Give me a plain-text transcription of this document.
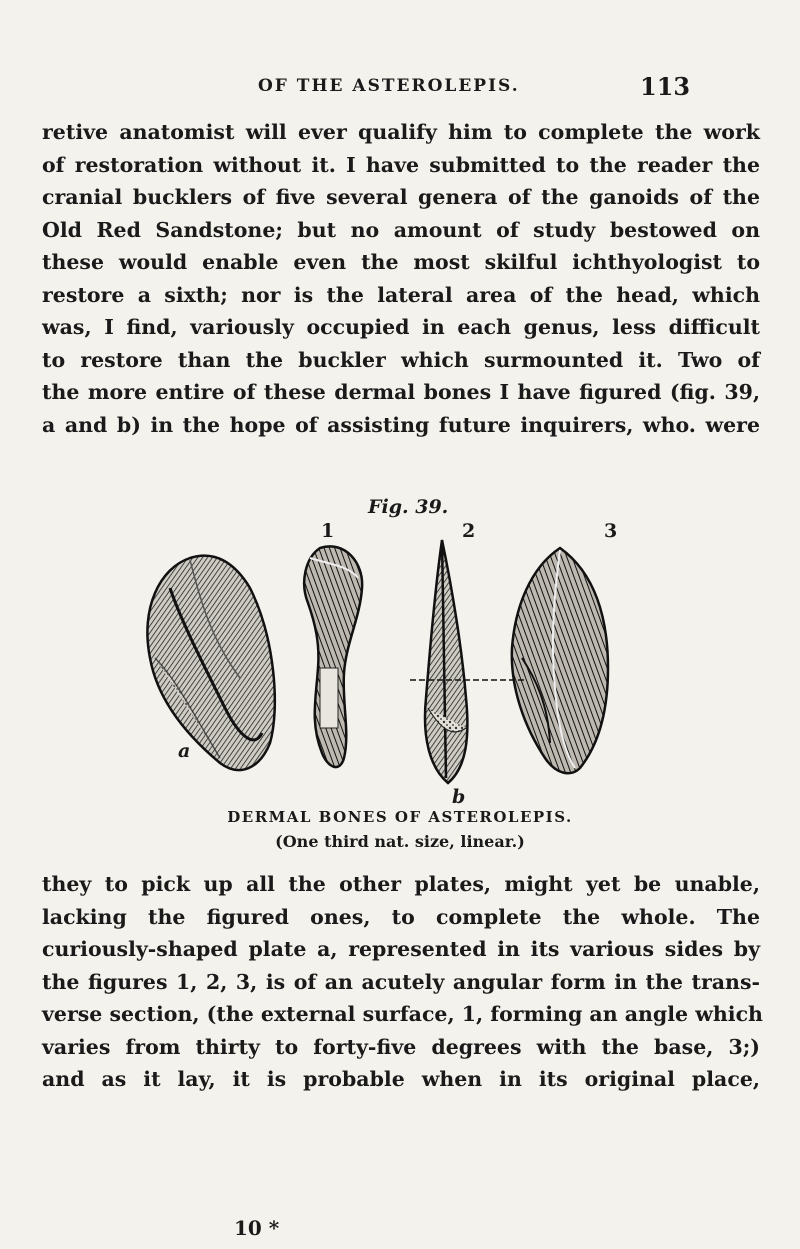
OF THE ASTEROLEPIS.	113
retive anatomist will ever qualify him to complete the work
of restoration without it. I have submitted to the reader the
cranial bucklers of five several genera of the ganoids of the
Old Red Sandstone; but no amount of study bestowed on
these would enable even the most skilful ichthyologist to
restore a sixth; nor is the lateral area of the head, which
was, I find, variously occupied in each genus, less difficult
to restore than the buckler which surmounted it. Two of
the more entire of these dermal bones I have figured (fig. 39,
a and b) in the hope of assisting future inquirers, who. were
Fig. 39.
1	2	3
a
b
DERMAL BONES OF ASTEROLEPIS.
(One third nat. size, linear.)
they to pick up all the other plates, might yet be unable,
lacking the figured ones, to complete the whole. The
curiously-shaped plate a, represented in its various sides by
the figures 1, 2, 3, is of an acutely angular form in the trans-
verse section, (the external surface, 1, forming an angle which
varies from thirty to forty-five degrees with the base, 3;)
and as it lay, it is probable when in its original place,
10 *
